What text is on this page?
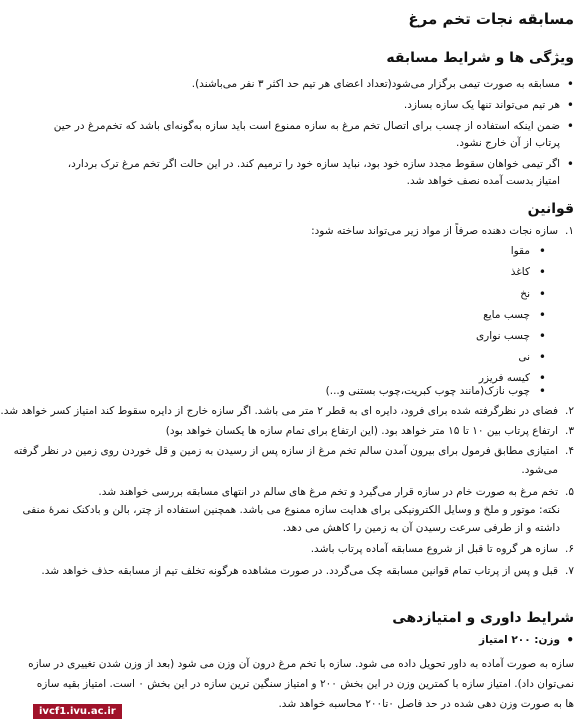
مسابقه نجات تخم مرغ
ویژگی ها و شرایط مسابقه
• مسابقه به صورت تیمی برگزار می‌شود(تعداد اعضای هر تیم حد اکثر ۳ نفر می‌باشند).
• هر تیم می‌تواند تنها یک سازه بسازد.
• ضمن اینکه استفاده از چسب برای اتصال تخم مرغ به سازه ممنوع است باید سازه به‌گونه‌ای باشد که تخم‌مرغ در حین
پرتاب از آن خارج نشود.
• اگر تیمی خواهان سقوط مجدد سازه خود بود، نباید سازه خود را ترمیم کند. در این حالت اگر تخم مرغ ترک بردارد،
امتیاز بدست آمده نصف خواهد شد.
قوانین
۱.
سازه نجات دهنده صرفاً از مواد زیر می‌تواند ساخته شود:
• مقوا
• کاغذ
• نخ
• چسب مایع
• چسب نواری
• نی
• کیسه فریزر
• چوب نازک(مانند چوب کبریت،چوب بستنی و...)
۲.
فضای در نظرگرفته شده برای فرود، دایره ای به قطر ۲ متر می باشد. اگر سازه خارج از دایره سقوط کند امتیاز کسر خواهد شد.
۳.
ارتفاع پرتاب بین ۱۰ تا ۱۵ متر خواهد بود. (این ارتفاع برای تمام سازه ها یکسان خواهد بود)
۴.
امتیازی مطابق فرمول برای بیرون آمدن سالم تخم مرغ از سازه پس از رسیدن به زمین و قل خوردن روی زمین در نظر گرفته
می‌شود.
۵.
تخم مرغ به صورت خام در سازه قرار می‌گیرد و تخم مرغ های سالم در انتهای مسابقه بررسی خواهند شد.
نکته: موتور و ملخ و وسایل الکترونیکی برای هدایت سازه ممنوع می باشد. همچنین استفاده از چتر، بالن و بادکنک نمرهٔ منفی
داشته و از طرفی سرعت رسیدن آن به زمین را کاهش می دهد.
۶.
سازه هر گروه تا قبل از شروع مسابقه آماده پرتاب باشد.
۷.
قبل و پس از پرتاب تمام قوانین مسابقه چک می‌گردد. در صورت مشاهده هرگونه تخلف تیم از مسابقه حذف خواهد شد.
شرایط داوری و امتیازدهی
• وزن: ۲۰۰ امتیاز
سازه به صورت آماده به داور تحویل داده می شود. سازه با تخم مرغ درون آن وزن می شود (بعد از وزن شدن تغییری در سازه
نمی‌توان داد). امتیاز سازه با کمترین وزن در این بخش ۲۰۰ و امتیاز سنگین ترین سازه در این بخش ۰ است. امتیاز بقیه سازه
ها به صورت وزن دهی شده در حد فاصل ۰تا۲۰۰ محاسبه خواهد شد.
ivcf1.ivu.ac.ir
